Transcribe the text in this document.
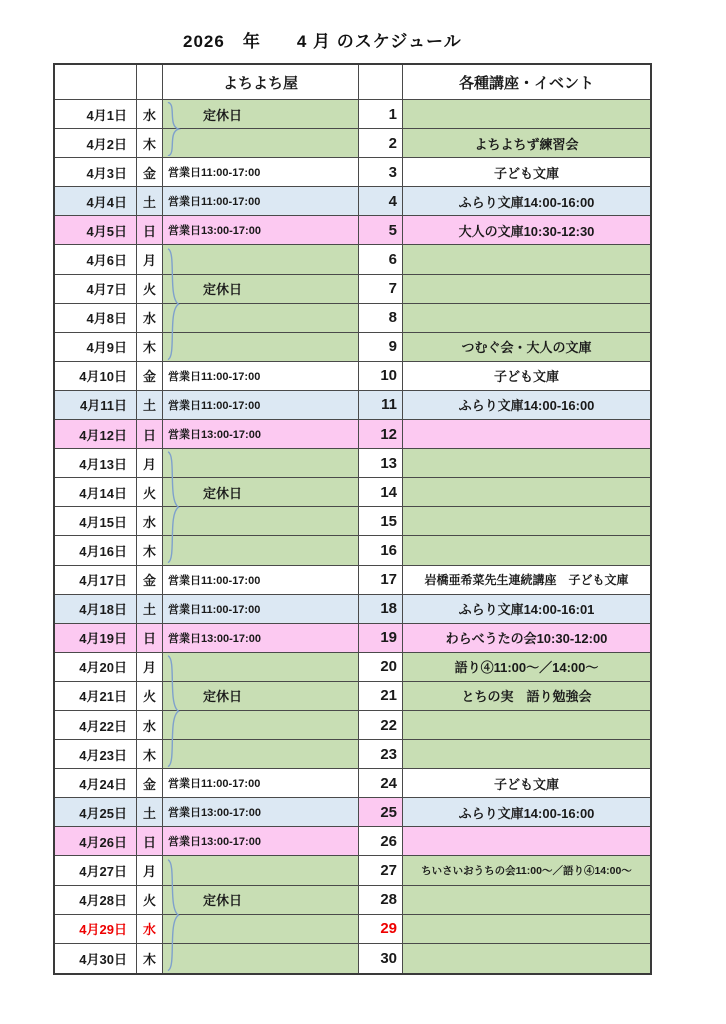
2026　年　　4 月 のスケジュール
よちよち屋	各種講座・イベント
4月1日	水	定休日	1
4月2日	木	2	よちよちず練習会
4月3日	金	営業日11:00-17:00	3	子ども文庫
4月4日	土	営業日11:00-17:00	4	ふらり文庫14:00-16:00
4月5日	日	営業日13:00-17:00	5	大人の文庫10:30-12:30
4月6日	月	6
4月7日	火	定休日	7
4月8日	水	8
4月9日	木	9	つむぐ会・大人の文庫
4月10日	金	営業日11:00-17:00	10	子ども文庫
4月11日	土	営業日11:00-17:00	11	ふらり文庫14:00-16:00
4月12日	日	営業日13:00-17:00	12
4月13日	月	13
4月14日	火	定休日	14
4月15日	水	15
4月16日	木	16
4月17日	金	営業日11:00-17:00	17	岩橋亜希菜先生連続講座　子ども文庫
4月18日	土	営業日11:00-17:00	18	ふらり文庫14:00-16:01
4月19日	日	営業日13:00-17:00	19	わらべうたの会10:30-12:00
4月20日	月	20	語り④11:00～／14:00～
4月21日	火	定休日	21	とちの実　語り勉強会
4月22日	水	22
4月23日	木	23
4月24日	金	営業日11:00-17:00	24	子ども文庫
4月25日	土	営業日13:00-17:00	25	ふらり文庫14:00-16:00
4月26日	日	営業日13:00-17:00	26
4月27日	月	27	ちいさいおうちの会11:00～／語り④14:00～
4月28日	火	定休日	28
4月29日	水	29
4月30日	木	30
